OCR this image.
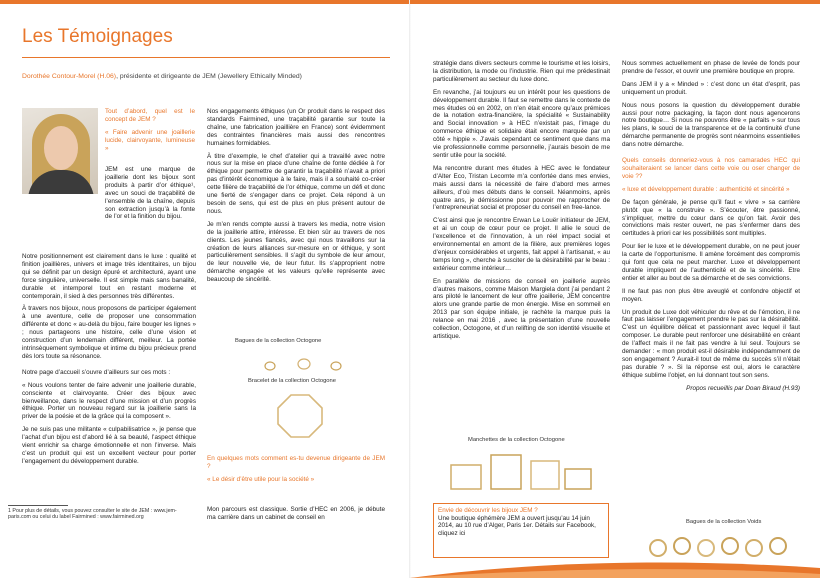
Les Témoignages
Dorothée Contour-Morel (H.06), présidente et dirigeante de JEM (Jewellery Ethically Minded)

Tout d’abord, quel est le concept de JEM ?

« Faire advenir une joaillerie lucide, clairvoyante, lumineuse »

JEM est une marque de joaillerie dont les bijoux sont produits à partir d’or éthique¹, avec un souci de traçabilité de l’ensemble de la chaîne, depuis son extraction jusqu’à la fonte de l’or et la finition du bijou.

Notre positionnement est clairement dans le luxe : qualité et finition joaillières, univers et image très identitaires, un bijou qui se définit par un design épuré et architecturé, ayant une force singulière, universelle. Il est simple mais sans banalité, durable et intemporel tout en restant moderne et contemporain, il sied à des personnes très différentes.

À travers nos bijoux, nous proposons de participer également à une aventure, celle de proposer une consommation différente et donc « au-delà du bijou, faire bouger les lignes » ; nous partageons une histoire, celle d’une vision et construction d’un lendemain différent, meilleur. La portée intrinsèquement symbolique et intime du bijou précieux prend dès lors toute sa résonance.

Notre page d’accueil s’ouvre d’ailleurs sur ces mots :

« Nous voulons tenter de faire advenir une joaillerie durable, consciente et clairvoyante. Créer des bijoux avec bienveillance, dans le respect d’une mission et d’un progrès éthique. Porter un nouveau regard sur la joaillerie sans la priver de la poésie et de la grâce qui la composent ».

Je ne suis pas une militante « culpabilisatrice », je pense que l’achat d’un bijou est d’abord lié à sa beauté, l’aspect éthique vient enrichir sa charge émotionnelle et non l’inverse. Mais c’est un produit qui est un excellent vecteur pour porter l’engagement du développement durable.

1 Pour plus de détails, vous pouvez consulter le site de JEM : www.jem-paris.com ou celui du label Fairmined : www.fairmined.org

Nos engagements éthiques (un Or produit dans le respect des standards Fairmined, une traçabilité garantie sur toute la chaîne, une fabrication joaillière en France) sont évidemment des contraintes financières mais aussi des rencontres humaines formidables.

À titre d’exemple, le chef d’atelier qui a travaillé avec notre nous sur la mise en place d’une chaîne de fonte dédiée à l’or éthique pour permettre de garantir la traçabilité n’avait a priori pas d’intérêt économique à le faire, mais il a souhaité co-créer cette filière de traçabilité de l’or éthique, comme un défi et donc une fierté de s’engager dans ce projet. Cela répond à un besoin de sens, qui est de plus en plus présent autour de nous.

Je m’en rends compte aussi à travers les media, notre vision de la joaillerie attire, intéresse. Et bien sûr au travers de nos clients. Les jeunes fiancés, avec qui nous travaillons sur la création de leurs alliances sur-mesure en or éthique, y sont particulièrement sensibles. Il s’agit du symbole de leur amour, de leur nouvelle vie, de leur futur. Ils s’approprient notre démarche engagée et les valeurs qu’elle représente avec beaucoup de sincérité.

Bagues de la collection Octogone
Bracelet de la collection Octogone

En quelques mots comment es-tu devenue dirigeante de JEM ?

« Le désir d’être utile pour la société »

Mon parcours est classique. Sortie d’HEC en 2006, je débute ma carrière dans un cabinet de conseil en

stratégie dans divers secteurs comme le tourisme et les loisirs, la distribution, la mode ou l’industrie. Rien qui me prédestinait particulièrement au secteur du luxe donc.

En revanche, j’ai toujours eu un intérêt pour les questions de développement durable. Il faut se remettre dans le contexte de mes études où en 2002, on n’en était encore qu’aux prémices de la notation extra-financière, la spécialité « Sustainability and Social innovation » à HEC n’existait pas, l’image du commerce éthique et solidaire était encore marquée par un côté « hippie ». J’avais cependant ce sentiment que dans ma vie professionnelle comme personnelle, j’aurais besoin de me sentir utile pour la société.

Ma rencontre durant mes études à HEC avec le fondateur d’Alter Eco, Tristan Lecomte m’a confortée dans mes envies, mais aussi dans la nécessité de faire d’abord mes armes ailleurs, d’où mes débuts dans le conseil. Néanmoins, après quatre ans, je démissionne pour pouvoir me rapprocher de l’entrepreneuriat social et proposer du conseil en free-lance.

C’est ainsi que je rencontre Erwan Le Louër initiateur de JEM, et ai un coup de cœur pour ce projet. Il allie le souci de l’excellence et de l’innovation, à un réel impact social et environnemental en amont de la filière, aux premières loges d’enjeux considérables et urgents, fait appel à l’artisanat, « au temps long », cherche à susciter de la désirabilité par le beau : extérieur comme intérieur…

En parallèle de missions de conseil en joaillerie auprès d’autres maisons, comme Maison Margiela dont j’ai pendant 2 ans piloté le lancement de leur offre joaillerie, JEM concentre alors une grande partie de mon énergie. Mise en sommeil en 2013 par son équipe initiale, je rachète la marque puis la relance en mai 2016 , avec la présentation d’une nouvelle collection, Octogone, et d’un relifting de son identité visuelle et artistique.

Manchettes de la collection Octogone
Envie de découvrir les bijoux JEM ?
Une boutique éphémère JEM a ouvert jusqu’au 14 juin 2014, au 10 rue d’Alger, Paris 1er. Détails sur Facebook, cliquez ici

Nous sommes actuellement en phase de levée de fonds pour prendre de l’essor, et ouvrir une première boutique en propre.

Dans JEM il y a « Minded » : c’est donc un état d’esprit, pas uniquement un produit.

Nous nous posons la question du développement durable aussi pour notre packaging, la façon dont nous agencerons notre boutique… Si nous ne pouvons être « parfaits » sur tous les plans, le souci de la transparence et de la continuité d’une démarche permanente de progrès sont néanmoins essentielles dans notre démarche.

Quels conseils donneriez-vous à nos camarades HEC qui souhaiteraient se lancer dans cette voie ou oser changer de voie ??

« luxe et développement durable : authenticité et sincérité »

De façon générale, je pense qu’il faut « vivre » sa carrière plutôt que « la construire ». S’écouter, être passionné, s’impliquer, mettre du cœur dans ce qu’on fait. Avoir des convictions mais rester ouvert, ne pas s’enfermer dans des certitudes à priori car les possibilités sont multiples.

Pour lier le luxe et le développement durable, on ne peut jouer la carte de l’opportunisme. Il amène forcément des compromis qui font que cela ne peut marcher. Luxe et développement durable impliquent de l’authenticité et de la sincérité. Etre entier et aller au bout de sa démarche et de ses convictions.

Il ne faut pas non plus être aveuglé et confondre objectif et moyen.

Un produit de Luxe doit véhiculer du rêve et de l’émotion, il ne faut pas laisser l’engagement prendre le pas sur la désirabilité. C’est un équilibre délicat et passionnant avec lequel il faut composer. Le durable peut renforcer une désirabilité en créant de l’affect mais il ne fait pas vendre à lui seul. Toujours se demander : « mon produit est-il désirable indépendamment de son engagement ? Aurait-il tout de même du succès s’il n’était pas durable ? ». Si la réponse est oui, alors le caractère éthique sublime l’objet, en lui donnant tout son sens.

Propos recueillis par Doan Biraud (H.93)

Bagues de la collection Voids
